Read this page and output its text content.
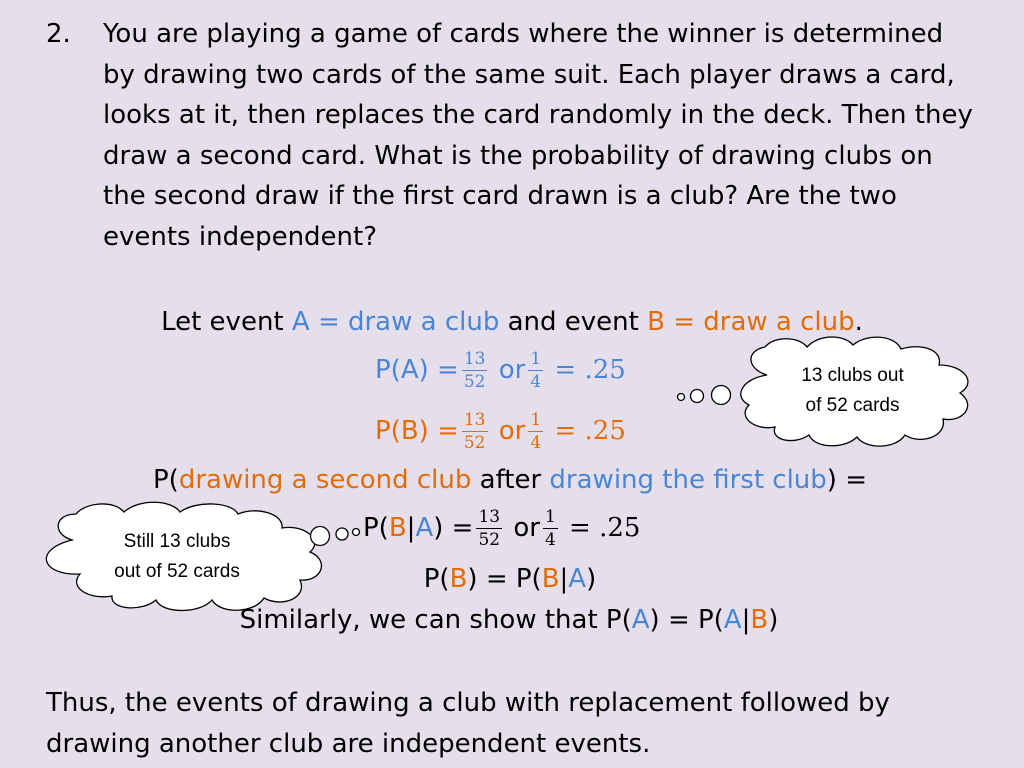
2. You are playing a game of cards where the winner is determined by drawing two cards of the same suit. Each player draws a card, looks at it, then replaces the card randomly in the deck. Then they draw a second card. What is the probability of drawing clubs on the second draw if the first card drawn is a club? Are the two events independent?
Let event A = draw a club and event B = draw a club.
$P(A) = \frac{13}{52}$ or $\frac{1}{4} = .25$
$P(B) = \frac{13}{52}$ or $\frac{1}{4} = .25$
P(drawing a second club after drawing the first club) =
$P(B|A) = \frac{13}{52}$ or $\frac{1}{4} = .25$
P(B) = P(B|A)
Similarly, we can show that P(A) = P(A|B)
Thus, the events of drawing a club with replacement followed by drawing another club are independent events.
13 clubs out
of 52 cards
Still 13 clubs
out of 52 cards
